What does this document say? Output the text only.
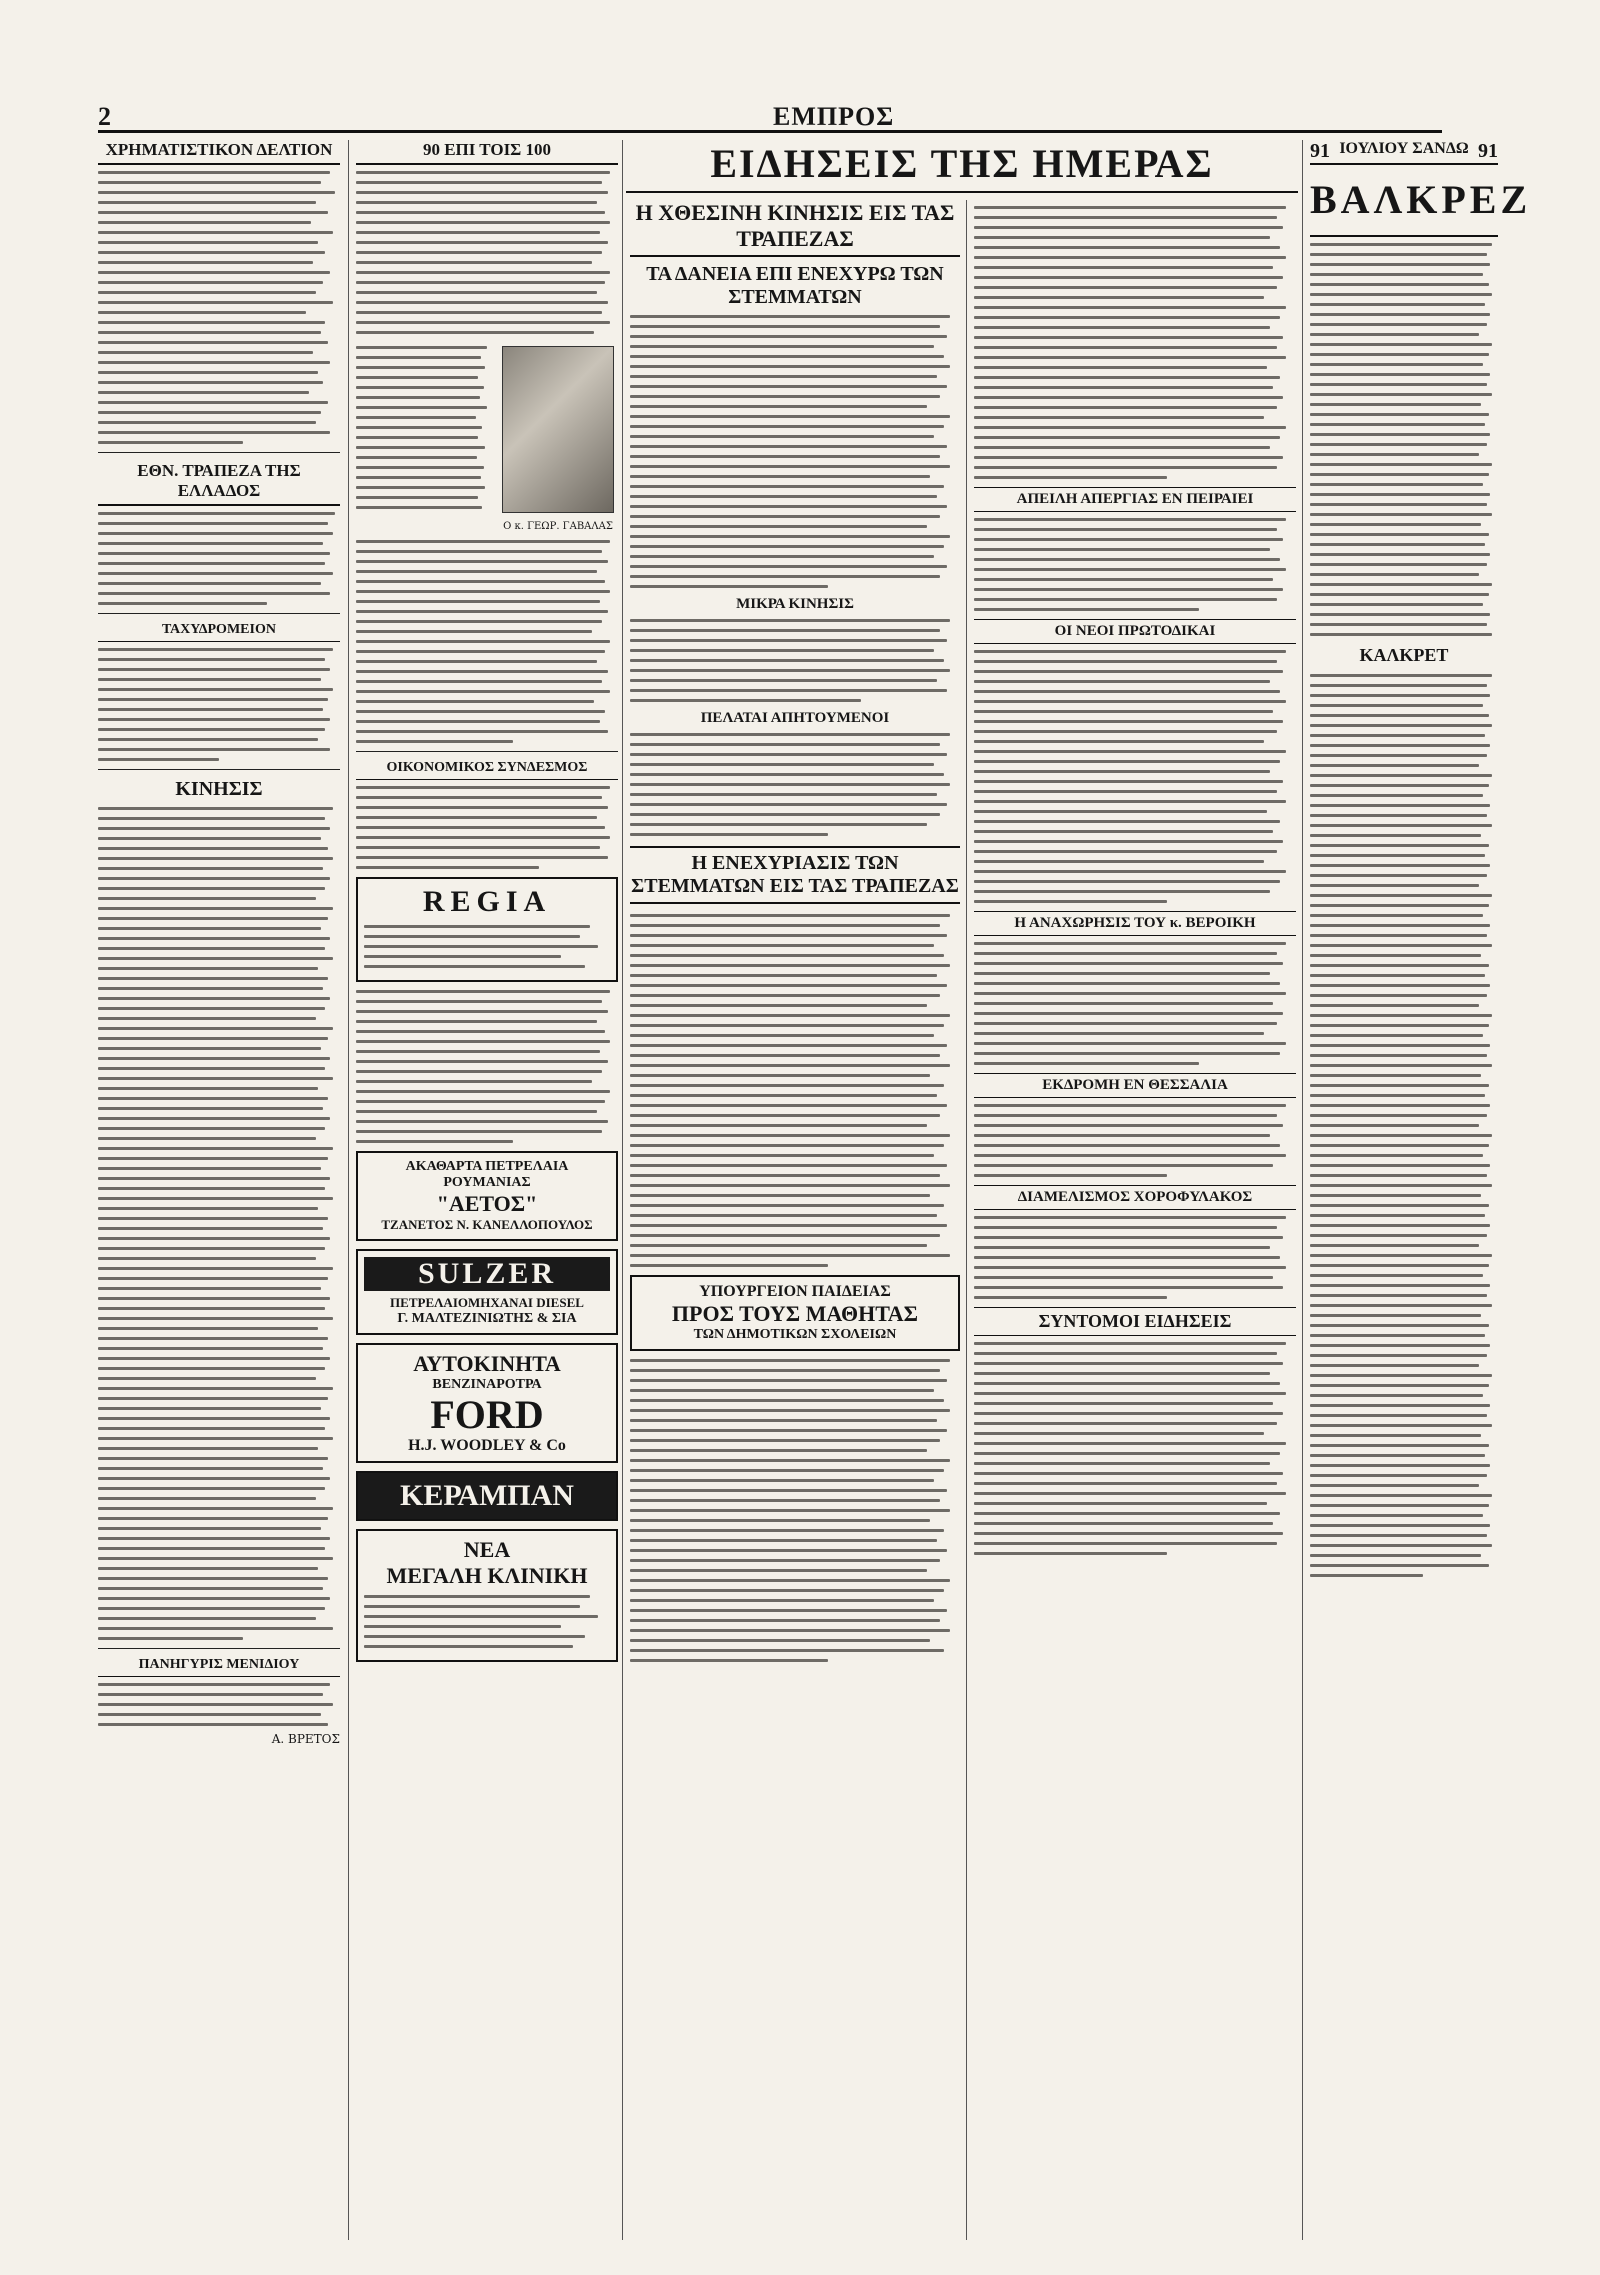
2	ΕΜΠΡΟΣ
ΧΡΗΜΑΤΙΣΤΙΚΟΝ ΔΕΛΤΙΟΝ
ΕΘΝ. ΤΡΑΠΕΖΑ ΤΗΣ ΕΛΛΑΔΟΣ
ΤΑΧΥΔΡΟΜΕΙΟΝ
ΚΙΝΗΣΙΣ
ΠΑΝΗΓΥΡΙΣ ΜΕΝΙΔΙΟΥ
Α. ΒΡΕΤΟΣ
90 ΕΠΙ ΤΟΙΣ 100
Ο κ. ΓΕΩΡ. ΓΑΒΑΛΑΣ
ΟΙΚΟΝΟΜΙΚΟΣ ΣΥΝΔΕΣΜΟΣ
REGIA
ΑΚΑΘΑΡΤΑ ΠΕΤΡΕΛΑΙΑ ΡΟΥΜΑΝΙΑΣ
"ΑΕΤΟΣ"
ΤΖΑΝΕΤΟΣ Ν. ΚΑΝΕΛΛΟΠΟΥΛΟΣ
SULZER
ΠΕΤΡΕΛΑΙΟΜΗΧΑΝΑΙ DIESEL
Γ. ΜΑΛΤΕΖΙΝΙΩΤΗΣ & ΣΙΑ
ΑΥΤΟΚΙΝΗΤΑ
ΒΕΝΖΙΝΑΡΟΤΡΑ
FORD
H.J. WOODLEY & Co
ΚΕΡΑΜΠΑΝ
ΝΕΑ
ΜΕΓΑΛΗ ΚΛΙΝΙΚΗ
ΕΙΔΗΣΕΙΣ ΤΗΣ ΗΜΕΡΑΣ
Η ΧΘΕΣΙΝΗ ΚΙΝΗΣΙΣ ΕΙΣ ΤΑΣ ΤΡΑΠΕΖΑΣ
ΤΑ ΔΑΝΕΙΑ ΕΠΙ ΕΝΕΧΥΡΩ ΤΩΝ ΣΤΕΜΜΑΤΩΝ
ΜΙΚΡΑ ΚΙΝΗΣΙΣ
ΠΕΛΑΤΑΙ ΑΠΗΤΟΥΜΕΝΟΙ
Η ΕΝΕΧΥΡΙΑΣΙΣ ΤΩΝ ΣΤΕΜΜΑΤΩΝ ΕΙΣ ΤΑΣ ΤΡΑΠΕΖΑΣ
ΥΠΟΥΡΓΕΙΟΝ ΠΑΙΔΕΙΑΣ
ΠΡΟΣ ΤΟΥΣ ΜΑΘΗΤΑΣ
ΤΩΝ ΔΗΜΟΤΙΚΩΝ ΣΧΟΛΕΙΩΝ
ΑΠΕΙΛΗ ΑΠΕΡΓΙΑΣ ΕΝ ΠΕΙΡΑΙΕΙ
ΟΙ ΝΕΟΙ ΠΡΩΤΟΔΙΚΑΙ
Η ΑΝΑΧΩΡΗΣΙΣ ΤΟΥ κ. ΒΕΡΟΙΚΗ
ΕΚΔΡΟΜΗ ΕΝ ΘΕΣΣΑΛΙΑ
ΔΙΑΜΕΛΙΣΜΟΣ ΧΟΡΟΦΥΛΑΚΟΣ
ΣΥΝΤΟΜΟΙ ΕΙΔΗΣΕΙΣ
91 ΙΟΥΛΙΟΥ ΣΑΝΔΩ 91
ΒΑΛΚΡΕΖ
ΚΑΛΚΡΕΤ
